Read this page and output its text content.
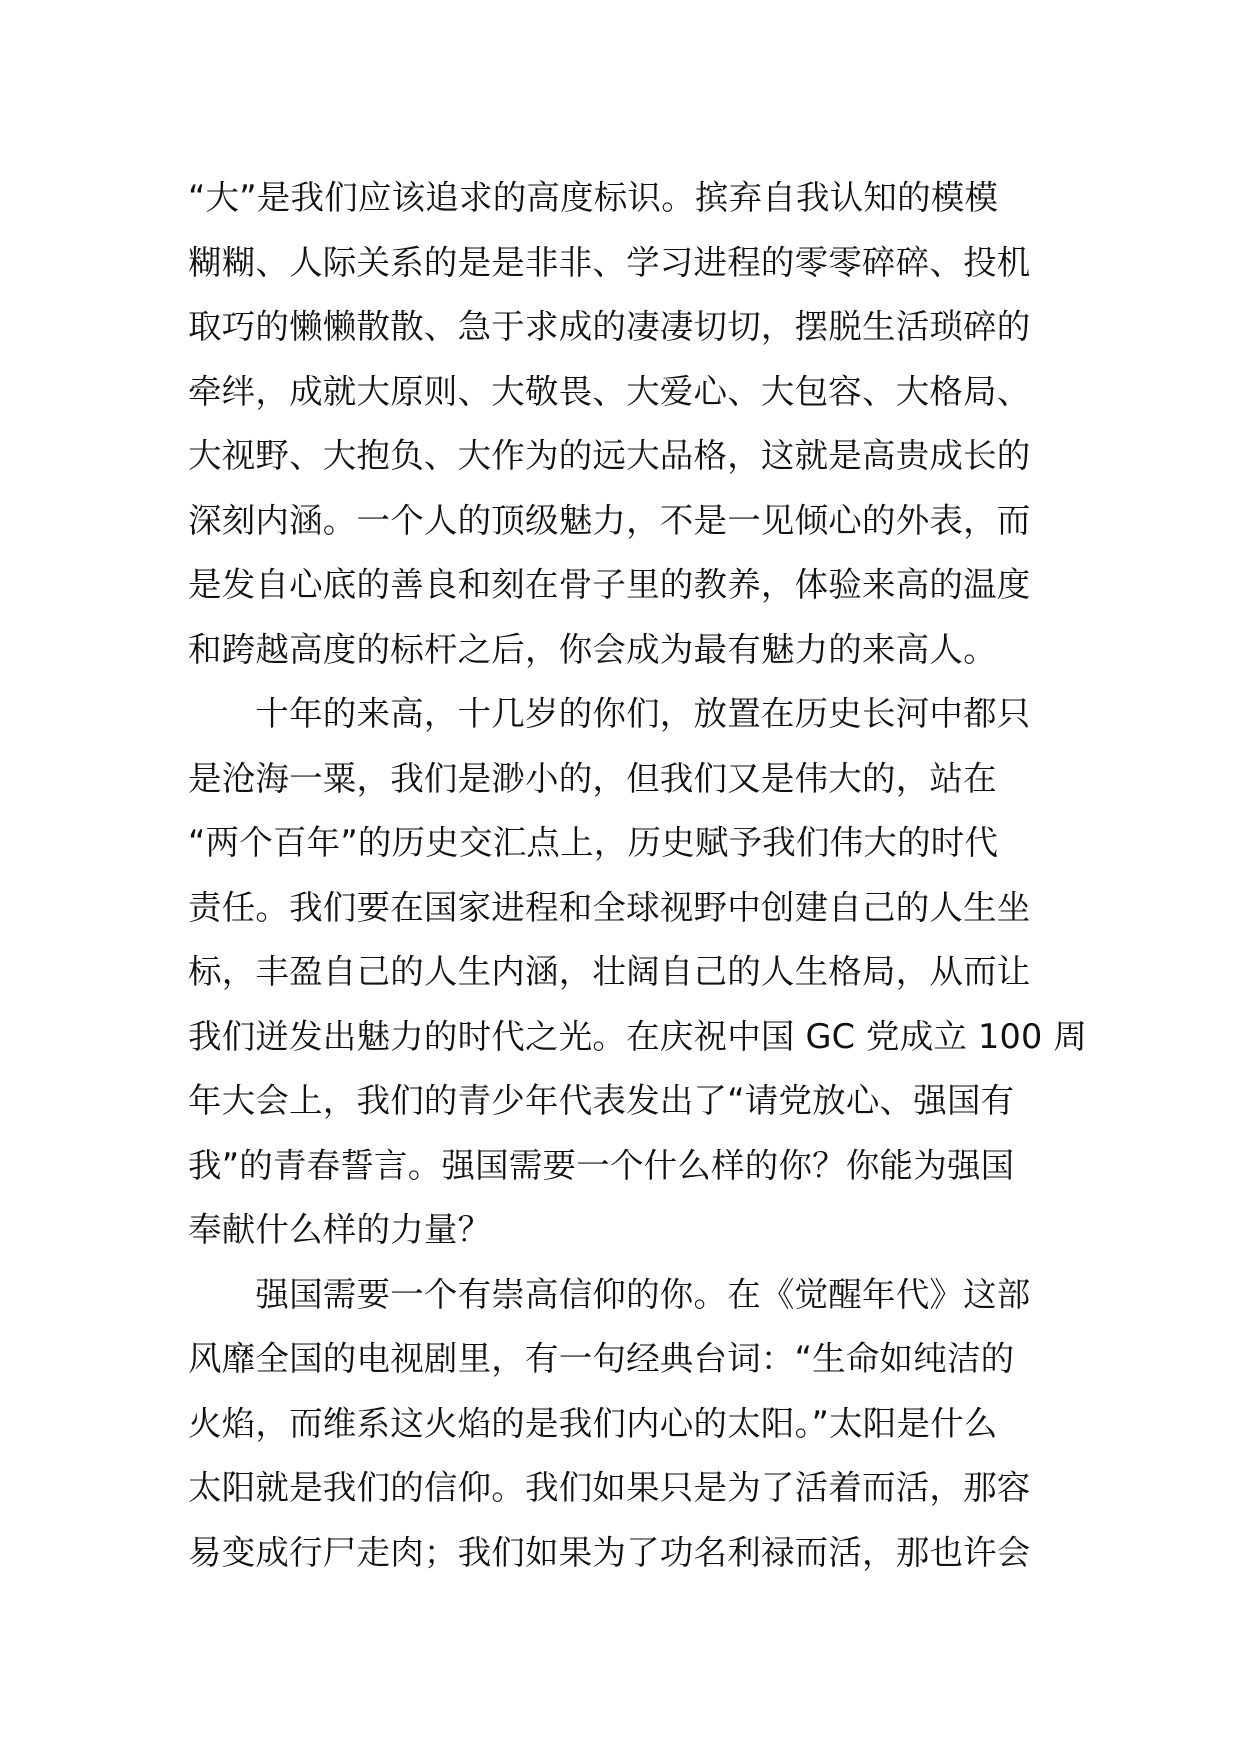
“大”是我们应该追求的高度标识。摈弃自我认知的模模
糊糊、人际关系的是是非非、学习进程的零零碎碎、投机
取巧的懒懒散散、急于求成的凄凄切切，摆脱生活琐碎的
牵绊，成就大原则、大敬畏、大爱心、大包容、大格局、
大视野、大抱负、大作为的远大品格，这就是高贵成长的
深刻内涵。一个人的顶级魅力，不是一见倾心的外表，而
是发自心底的善良和刻在骨子里的教养，体验来高的温度
和跨越高度的标杆之后，你会成为最有魅力的来高人。
　　十年的来高，十几岁的你们，放置在历史长河中都只
是沧海一粟，我们是渺小的，但我们又是伟大的，站在
“两个百年”的历史交汇点上，历史赋予我们伟大的时代
责任。我们要在国家进程和全球视野中创建自己的人生坐
标，丰盈自己的人生内涵，壮阔自己的人生格局，从而让
我们迸发出魅力的时代之光。在庆祝中国 GC 党成立 100 周
年大会上，我们的青少年代表发出了“请党放心、强国有
我”的青春誓言。强国需要一个什么样的你？你能为强国
奉献什么样的力量？
　　强国需要一个有崇高信仰的你。在《觉醒年代》这部
风靡全国的电视剧里，有一句经典台词：“生命如纯洁的
火焰，而维系这火焰的是我们内心的太阳。”太阳是什么
太阳就是我们的信仰。我们如果只是为了活着而活，那容
易变成行尸走肉；我们如果为了功名利禄而活，那也许会
